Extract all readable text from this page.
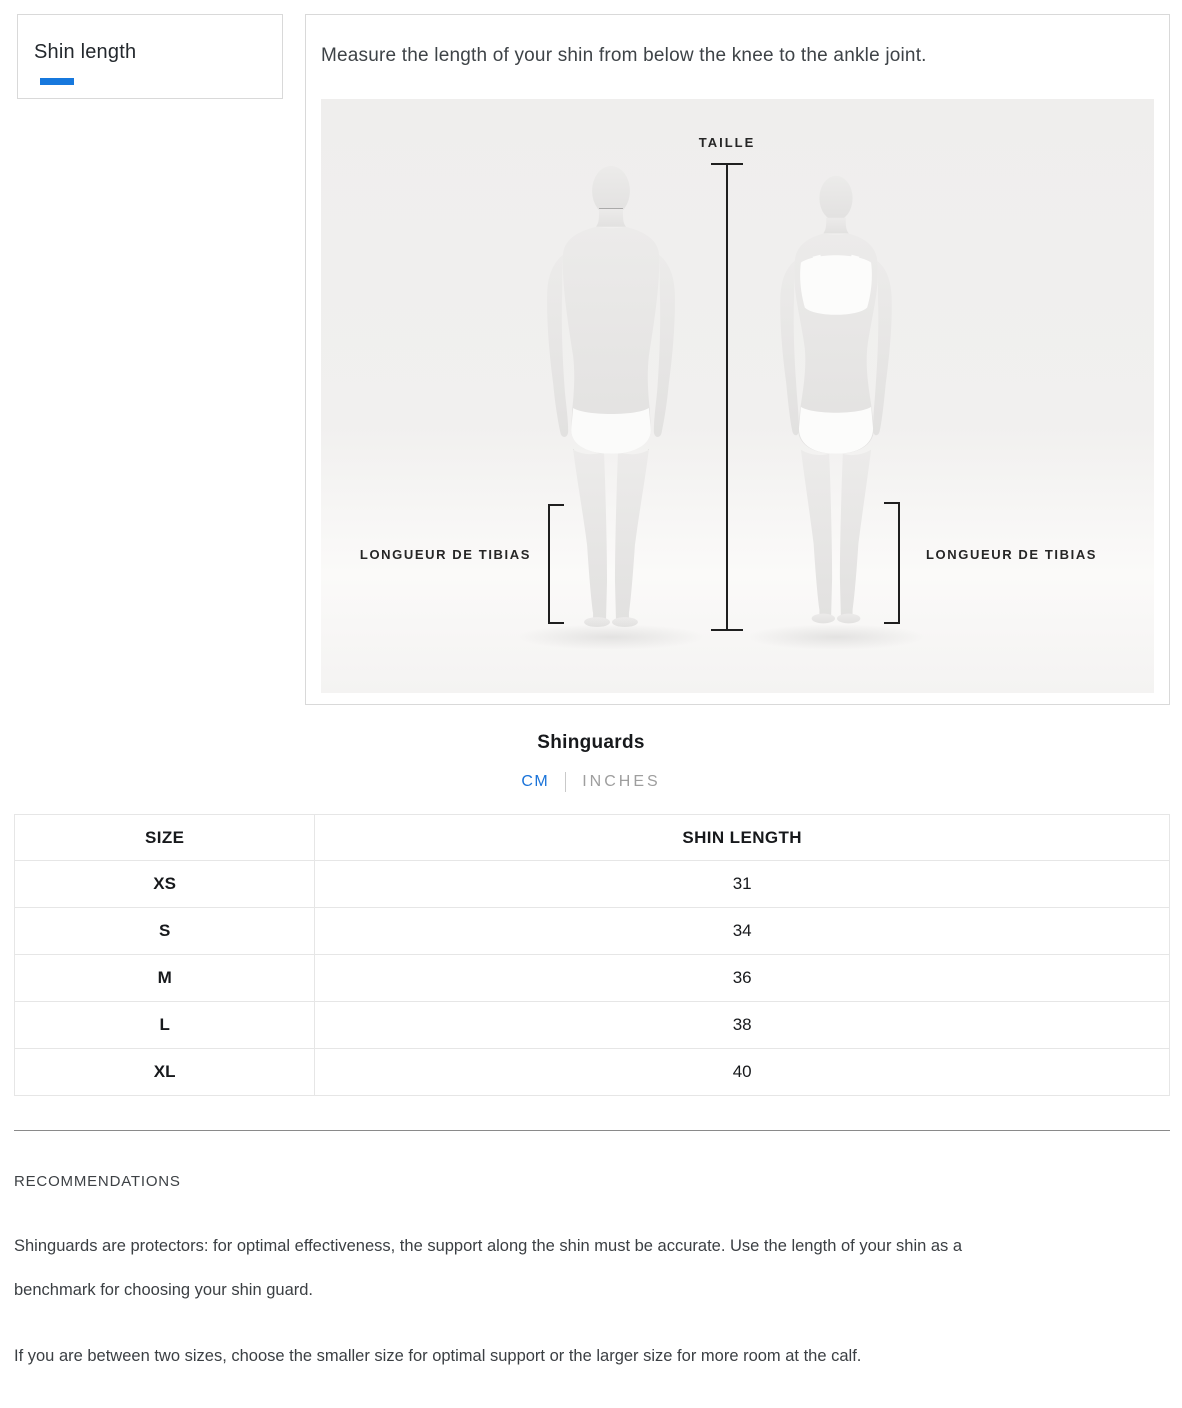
Shin length	Measure the length of your shin from below the knee to the ankle joint.
TAILLE
LONGUEUR DE TIBIAS	LONGUEUR DE TIBIAS
Shinguards
CM INCHES
SIZE	SHIN LENGTH
XS	31
S	34
M	36
L	38
XL	40
RECOMMENDATIONS

Shinguards are protectors: for optimal effectiveness, the support along the shin must be accurate. Use the length of your shin as a
benchmark for choosing your shin guard.

If you are between two sizes, choose the smaller size for optimal support or the larger size for more room at the calf.
